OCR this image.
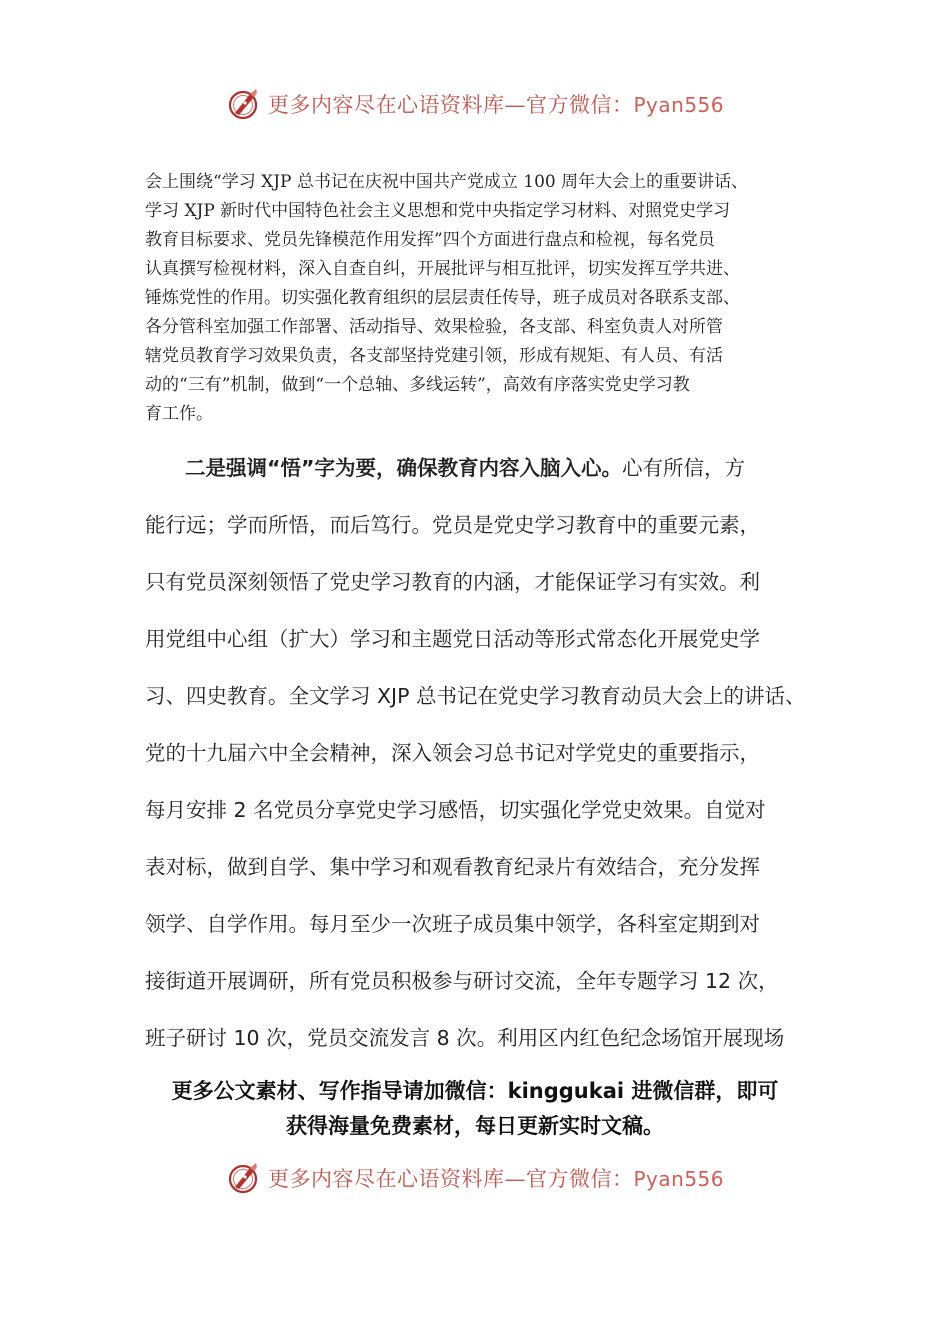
更多内容尽在心语资料库—官方微信：Pyan556
会上围绕“学习 XJP 总书记在庆祝中国共产党成立 100 周年大会上的重要讲话、
学习 XJP 新时代中国特色社会主义思想和党中央指定学习材料、对照党史学习
教育目标要求、党员先锋模范作用发挥”四个方面进行盘点和检视，每名党员
认真撰写检视材料，深入自查自纠，开展批评与相互批评，切实发挥互学共进、
锤炼党性的作用。切实强化教育组织的层层责任传导，班子成员对各联系支部、
各分管科室加强工作部署、活动指导、效果检验，各支部、科室负责人对所管
辖党员教育学习效果负责，各支部坚持党建引领，形成有规矩、有人员、有活
动的“三有”机制，做到“一个总轴、多线运转”，高效有序落实党史学习教
育工作。
二是强调“悟”字为要，确保教育内容入脑入心。心有所信，方
能行远；学而所悟，而后笃行。党员是党史学习教育中的重要元素，
只有党员深刻领悟了党史学习教育的内涵，才能保证学习有实效。利
用党组中心组（扩大）学习和主题党日活动等形式常态化开展党史学
习、四史教育。全文学习 XJP 总书记在党史学习教育动员大会上的讲话、
党的十九届六中全会精神，深入领会习总书记对学党史的重要指示，
每月安排 2 名党员分享党史学习感悟，切实强化学党史效果。自觉对
表对标，做到自学、集中学习和观看教育纪录片有效结合，充分发挥
领学、自学作用。每月至少一次班子成员集中领学，各科室定期到对
接街道开展调研，所有党员积极参与研讨交流，全年专题学习 12 次，
班子研讨 10 次，党员交流发言 8 次。利用区内红色纪念场馆开展现场
更多公文素材、写作指导请加微信：kinggukai 进微信群，即可
获得海量免费素材，每日更新实时文稿。
更多内容尽在心语资料库—官方微信：Pyan556
